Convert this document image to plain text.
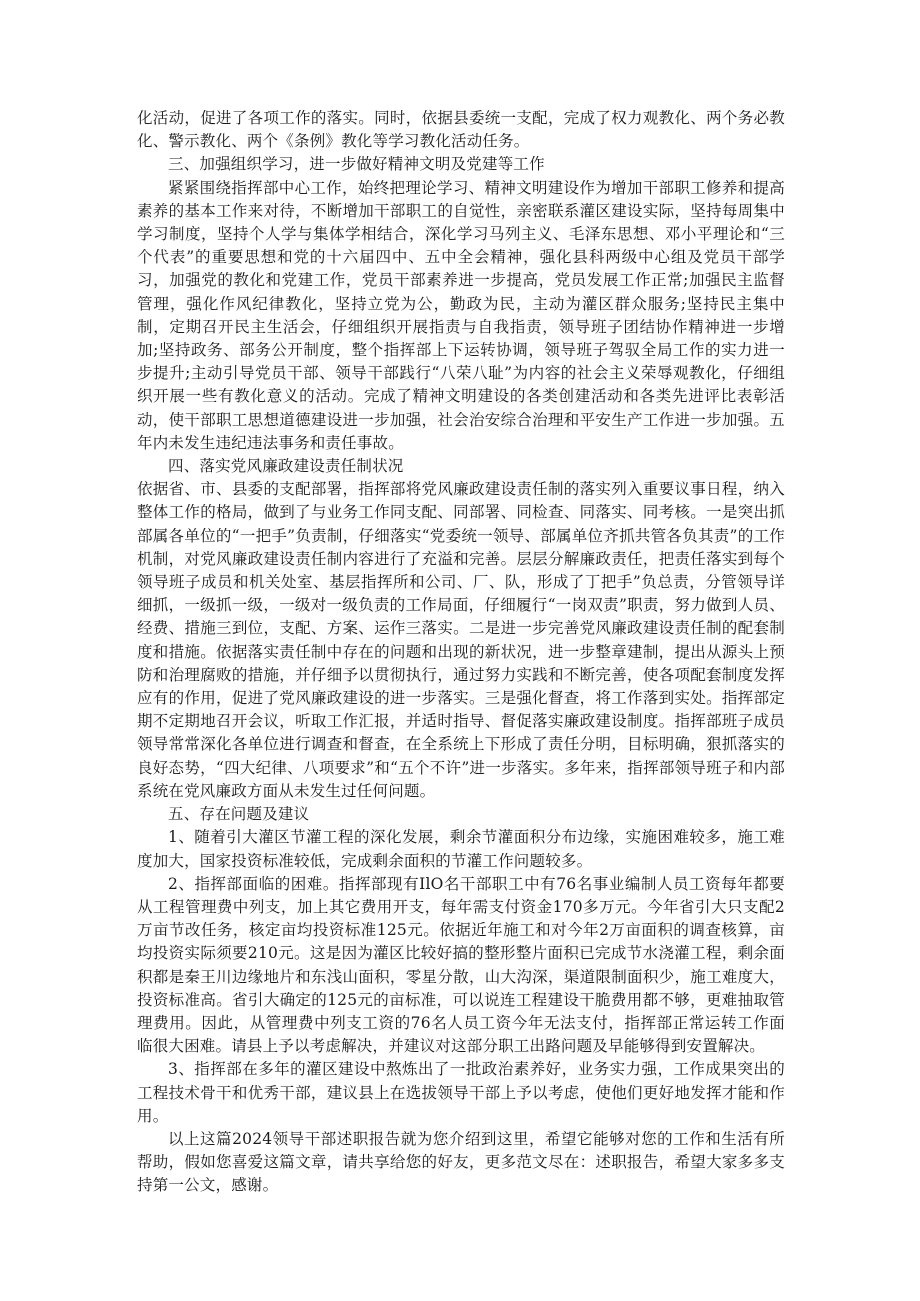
化活动，促进了各项工作的落实。同时，依据县委统一支配，完成了权力观教化、两个务必教化、警示教化、两个《条例》教化等学习教化活动任务。

三、加强组织学习，进一步做好精神文明及党建等工作

紧紧围绕指挥部中心工作，始终把理论学习、精神文明建设作为增加干部职工修养和提高素养的基本工作来对待，不断增加干部职工的自觉性，亲密联系灌区建设实际，坚持每周集中学习制度，坚持个人学与集体学相结合，深化学习马列主义、毛泽东思想、邓小平理论和“三个代表”的重要思想和党的十六届四中、五中全会精神，强化县科两级中心组及党员干部学习，加强党的教化和党建工作，党员干部素养进一步提高，党员发展工作正常;加强民主监督管理，强化作风纪律教化，坚持立党为公，勤政为民，主动为灌区群众服务;坚持民主集中制，定期召开民主生活会，仔细组织开展指责与自我指责，领导班子团结协作精神进一步增加;坚持政务、部务公开制度，整个指挥部上下运转协调，领导班子驾驭全局工作的实力进一步提升;主动引导党员干部、领导干部践行“八荣八耻”为内容的社会主义荣辱观教化，仔细组织开展一些有教化意义的活动。完成了精神文明建设的各类创建活动和各类先进评比表彰活动，使干部职工思想道德建设进一步加强，社会治安综合治理和平安生产工作进一步加强。五年内未发生违纪违法事务和责任事故。

四、落实党风廉政建设责任制状况

依据省、市、县委的支配部署，指挥部将党风廉政建设责任制的落实列入重要议事日程，纳入整体工作的格局，做到了与业务工作同支配、同部署、同检查、同落实、同考核。一是突出抓部属各单位的“一把手”负责制，仔细落实“党委统一领导、部属单位齐抓共管各负其责”的工作机制，对党风廉政建设责任制内容进行了充溢和完善。层层分解廉政责任，把责任落实到每个领导班子成员和机关处室、基层指挥所和公司、厂、队，形成了丁把手”负总责，分管领导详细抓，一级抓一级，一级对一级负责的工作局面，仔细履行“一岗双责”职责，努力做到人员、经费、措施三到位，支配、方案、运作三落实。二是进一步完善党风廉政建设责任制的配套制度和措施。依据落实责任制中存在的问题和出现的新状况，进一步整章建制，提出从源头上预防和治理腐败的措施，并仔细予以贯彻执行，通过努力实践和不断完善，使各项配套制度发挥应有的作用，促进了党风廉政建设的进一步落实。三是强化督查，将工作落到实处。指挥部定期不定期地召开会议，听取工作汇报，并适时指导、督促落实廉政建设制度。指挥部班子成员领导常常深化各单位进行调查和督查，在全系统上下形成了责任分明，目标明确，狠抓落实的良好态势，“四大纪律、八项要求”和“五个不许”进一步落实。多年来，指挥部领导班子和内部系统在党风廉政方面从未发生过任何问题。

五、存在问题及建议

1、随着引大灌区节灌工程的深化发展，剩余节灌面积分布边缘，实施困难较多，施工难度加大，国家投资标准较低，完成剩余面积的节灌工作问题较多。

2、指挥部面临的困难。指挥部现有IlO名干部职工中有76名事业编制人员工资每年都要从工程管理费中列支，加上其它费用开支，每年需支付资金170多万元。今年省引大只支配2万亩节改任务，核定亩均投资标准125元。依据近年施工和对今年2万亩面积的调查核算，亩均投资实际须要210元。这是因为灌区比较好搞的整形整片面积已完成节水浇灌工程，剩余面积都是秦王川边缘地片和东浅山面积，零星分散，山大沟深，渠道限制面积少，施工难度大，投资标准高。省引大确定的125元的亩标准，可以说连工程建设干脆费用都不够，更难抽取管理费用。因此，从管理费中列支工资的76名人员工资今年无法支付，指挥部正常运转工作面临很大困难。请县上予以考虑解决，并建议对这部分职工出路问题及早能够得到安置解决。

3、指挥部在多年的灌区建设中熬炼出了一批政治素养好，业务实力强，工作成果突出的工程技术骨干和优秀干部，建议县上在选拔领导干部上予以考虑，使他们更好地发挥才能和作用。

以上这篇2024领导干部述职报告就为您介绍到这里，希望它能够对您的工作和生活有所帮助，假如您喜爱这篇文章，请共享给您的好友，更多范文尽在：述职报告，希望大家多多支持第一公文，感谢。
